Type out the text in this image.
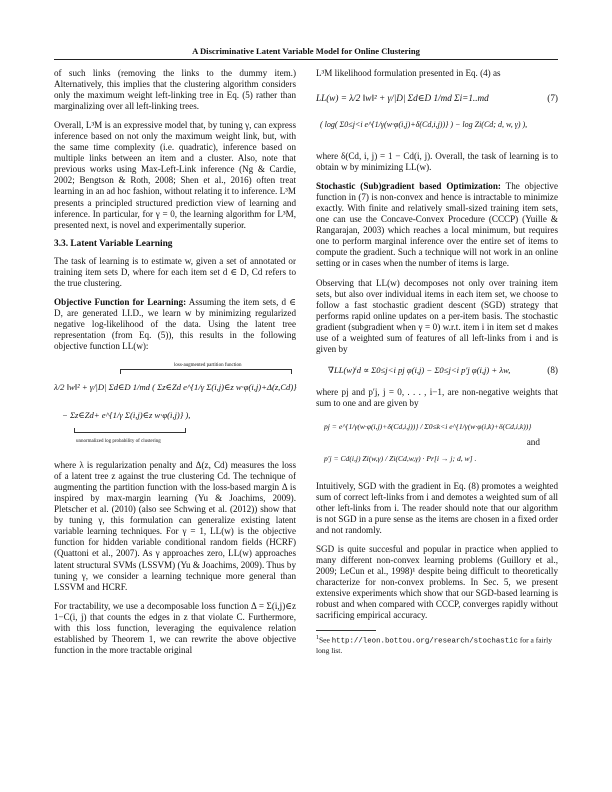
A Discriminative Latent Variable Model for Online Clustering

of such links (removing the links to the dummy item.) Alternatively, this implies that the clustering algorithm considers only the maximum weight left-linking tree in Eq. (5) rather than marginalizing over all left-linking trees.

Overall, L³M is an expressive model that, by tuning γ, can express inference based on not only the maximum weight link, but, with the same time complexity (i.e. quadratic), inference based on multiple links between an item and a cluster. Also, note that previous works using Max-Left-Link inference (Ng & Cardie, 2002; Bengtson & Roth, 2008; Shen et al., 2016) often treat learning in an ad hoc fashion, without relating it to inference. L³M presents a principled structured prediction view of learning and inference. In particular, for γ = 0, the learning algorithm for L³M, presented next, is novel and experimentally superior.

3.3. Latent Variable Learning

The task of learning is to estimate w, given a set of annotated or training item sets D, where for each item set d ∈ D, Cd refers to the true clustering.

Objective Function for Learning: Assuming the item sets, d ∈ D, are generated I.I.D., we learn w by minimizing regularized negative log-likelihood of the data. Using the latent tree representation (from Eq. (5)), this results in the following objective function LL(w):

loss-augmented partition function
λ/2 ‖w‖² + γ/|D| Σd∈D 1/md ( Σz∈Zd e^{1/γ Σ(i,j)∈z w·φ(i,j)+Δ(z,Cd)}
− Σz∈Zd+ e^{1/γ Σ(i,j)∈z w·φ(i,j)} ),
unnormalized log probability of clustering

where λ is regularization penalty and Δ(z, Cd) measures the loss of a latent tree z against the true clustering Cd. The technique of augmenting the partition function with the loss-based margin Δ is inspired by max-margin learning (Yu & Joachims, 2009). Pletscher et al. (2010) (also see Schwing et al. (2012)) show that by tuning γ, this formulation can generalize existing latent variable learning techniques. For γ = 1, LL(w) is the objective function for hidden variable conditional random fields (HCRF) (Quattoni et al., 2007). As γ approaches zero, LL(w) approaches latent structural SVMs (LSSVM) (Yu & Joachims, 2009). Thus by tuning γ, we consider a learning technique more general than LSSVM and HCRF.

For tractability, we use a decomposable loss function Δ = Σ(i,j)∈z 1−C(i, j) that counts the edges in z that violate C. Furthermore, with this loss function, leveraging the equivalence relation established by Theorem 1, we can rewrite the above objective function in the more tractable original

L³M likelihood formulation presented in Eq. (4) as

LL(w) = λ/2 ‖w‖² + γ/|D| Σd∈D 1/md Σi=1..md	(7)
( log( Σ0≤j<i e^{1/γ(w·φ(i,j)+δ(Cd,i,j))} ) − log Zi(Cd; d, w, γ) ),

where δ(Cd, i, j) = 1 − Cd(i, j). Overall, the task of learning is to obtain w by minimizing LL(w).

Stochastic (Sub)gradient based Optimization: The objective function in (7) is non-convex and hence is intractable to minimize exactly. With finite and relatively small-sized training item sets, one can use the Concave-Convex Procedure (CCCP) (Yuille & Rangarajan, 2003) which reaches a local minimum, but requires one to perform marginal inference over the entire set of items to compute the gradient. Such a technique will not work in an online setting or in cases when the number of items is large.

Observing that LL(w) decomposes not only over training item sets, but also over individual items in each item set, we choose to follow a fast stochastic gradient descent (SGD) strategy that performs rapid online updates on a per-item basis. The stochastic gradient (subgradient when γ = 0) w.r.t. item i in item set d makes use of a weighted sum of features of all left-links from i and is given by

∇LL(w)ⁱd ∝ Σ0≤j<i pj φ(i,j) − Σ0≤j<i p′j φ(i,j) + λw,	(8)

where pj and p′j, j = 0, . . . , i−1, are non-negative weights that sum to one and are given by

pj = e^{1/γ(w·φ(i,j)+δ(Cd,i,j))} / Σ0≤k<i e^{1/γ(w·φ(i,k)+δ(Cd,i,k))}
and
p′j = Cd(i,j) Zi(w,γ) / Zi(Cd,w,γ) · Pr[i → j; d, w] .

Intuitively, SGD with the gradient in Eq. (8) promotes a weighted sum of correct left-links from i and demotes a weighted sum of all other left-links from i. The reader should note that our algorithm is not SGD in a pure sense as the items are chosen in a fixed order and not randomly.

SGD is quite succesful and popular in practice when applied to many different non-convex learning problems (Guillory et al., 2009; LeCun et al., 1998)¹ despite being difficult to theoretically characterize for non-convex problems. In Sec. 5, we present extensive experiments which show that our SGD-based learning is robust and when compared with CCCP, converges rapidly without sacrificing empirical accuracy.

$^1$See http://leon.bottou.org/research/stochastic for a fairly long list.
